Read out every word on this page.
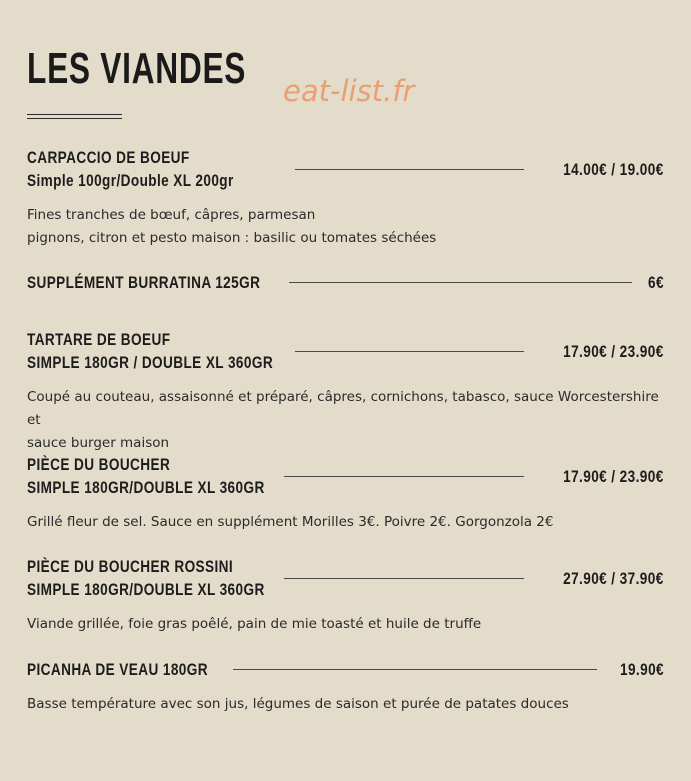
LES VIANDES eat-list.fr
CARPACCIO DE BOEUF
Simple 100gr/Double XL 200gr
14.00€ / 19.00€
Fines tranches de bœuf, câpres, parmesan
pignons, citron et pesto maison : basilic ou tomates séchées
SUPPLÉMENT BURRATINA 125GR	6€
TARTARE DE BOEUF
SIMPLE 180GR / DOUBLE XL 360GR
17.90€ / 23.90€
Coupé au couteau, assaisonné et préparé, câpres, cornichons, tabasco, sauce Worcestershire et
sauce burger maison
PIÈCE DU BOUCHER
SIMPLE 180GR/DOUBLE XL 360GR
17.90€ / 23.90€
Grillé fleur de sel. Sauce en supplément Morilles 3€. Poivre 2€. Gorgonzola 2€
PIÈCE DU BOUCHER ROSSINI
SIMPLE 180GR/DOUBLE XL 360GR
27.90€ / 37.90€
Viande grillée, foie gras poêlé, pain de mie toasté et huile de truffe
PICANHA DE VEAU 180GR	19.90€
Basse température avec son jus, légumes de saison et purée de patates douces
